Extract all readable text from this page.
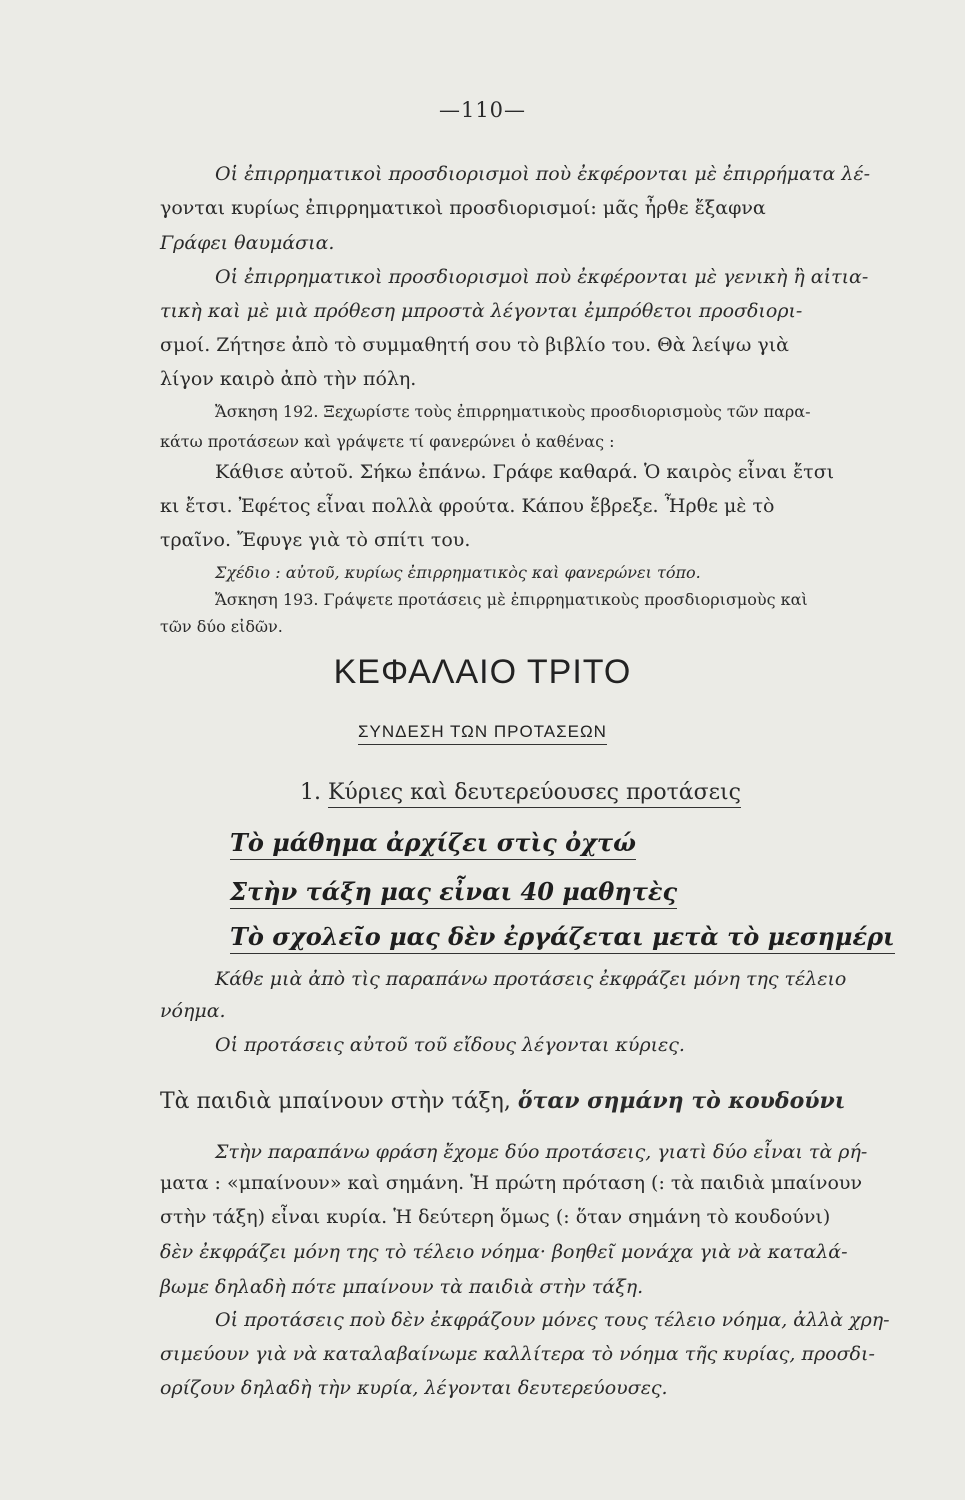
—110—
Οἱ ἐπιρρηματικοὶ προσδιορισμοὶ ποὺ ἐκφέρονται μὲ ἐπιρρήματα λέ-
γονται κυρίως ἐπιρρηματικοὶ προσδιορισμοί: μᾶς ἦρθε ἔξαφνα
Γράφει θαυμάσια.
Οἱ ἐπιρρηματικοὶ προσδιορισμοὶ ποὺ ἐκφέρονται μὲ γενικὴ ἢ αἰτια-
τικὴ καὶ μὲ μιὰ πρόθεση μπροστὰ λέγονται ἐμπρόθετοι προσδιορι-
σμοί. Ζήτησε ἀπὸ τὸ συμμαθητή σου τὸ βιβλίο του. Θὰ λείψω γιὰ
λίγον καιρὸ ἀπὸ τὴν πόλη.
Ἄσκηση 192. Ξεχωρίστε τοὺς ἐπιρρηματικοὺς προσδιορισμοὺς τῶν παρα-
κάτω προτάσεων καὶ γράψετε τί φανερώνει ὁ καθένας :
Κάθισε αὐτοῦ. Σήκω ἐπάνω. Γράφε καθαρά. Ὁ καιρὸς εἶναι ἔτσι
κι ἔτσι. Ἐφέτος εἶναι πολλὰ φρούτα. Κάπου ἔβρεξε. Ἦρθε μὲ τὸ
τραῖνο. Ἔφυγε γιὰ τὸ σπίτι του.
Σχέδιο : αὐτοῦ, κυρίως ἐπιρρηματικὸς καὶ φανερώνει τόπο.
Ἄσκηση 193. Γράψετε προτάσεις μὲ ἐπιρρηματικοὺς προσδιορισμοὺς καὶ
τῶν δύο εἰδῶν.
ΚΕΦΑΛΑΙΟ ΤΡΙΤΟ
ΣΥΝΔΕΣΗ ΤΩΝ ΠΡΟΤΑΣΕΩΝ
1. Κύριες καὶ δευτερεύουσες προτάσεις
Τὸ μάθημα ἀρχίζει στὶς ὀχτώ
Στὴν τάξη μας εἶναι 40 μαθητὲς
Τὸ σχολεῖο μας δὲν ἐργάζεται μετὰ τὸ μεσημέρι
Κάθε μιὰ ἀπὸ τὶς παραπάνω προτάσεις ἐκφράζει μόνη της τέλειο
νόημα.
Οἱ προτάσεις αὐτοῦ τοῦ εἴδους λέγονται κύριες.
Τὰ παιδιὰ μπαίνουν στὴν τάξη, ὅταν σημάνη τὸ κουδούνι
Στὴν παραπάνω φράση ἔχομε δύο προτάσεις, γιατὶ δύο εἶναι τὰ ρή-
ματα : «μπαίνουν» καὶ σημάνη. Ἡ πρώτη πρόταση (: τὰ παιδιὰ μπαίνουν
στὴν τάξη) εἶναι κυρία. Ἡ δεύτερη ὅμως (: ὅταν σημάνη τὸ κουδούνι)
δὲν ἐκφράζει μόνη της τὸ τέλειο νόημα· βοηθεῖ μονάχα γιὰ νὰ καταλά-
βωμε δηλαδὴ πότε μπαίνουν τὰ παιδιὰ στὴν τάξη.
Οἱ προτάσεις ποὺ δὲν ἐκφράζουν μόνες τους τέλειο νόημα, ἀλλὰ χρη-
σιμεύουν γιὰ νὰ καταλαβαίνωμε καλλίτερα τὸ νόημα τῆς κυρίας, προσδι-
ορίζουν δηλαδὴ τὴν κυρία, λέγονται δευτερεύουσες.
